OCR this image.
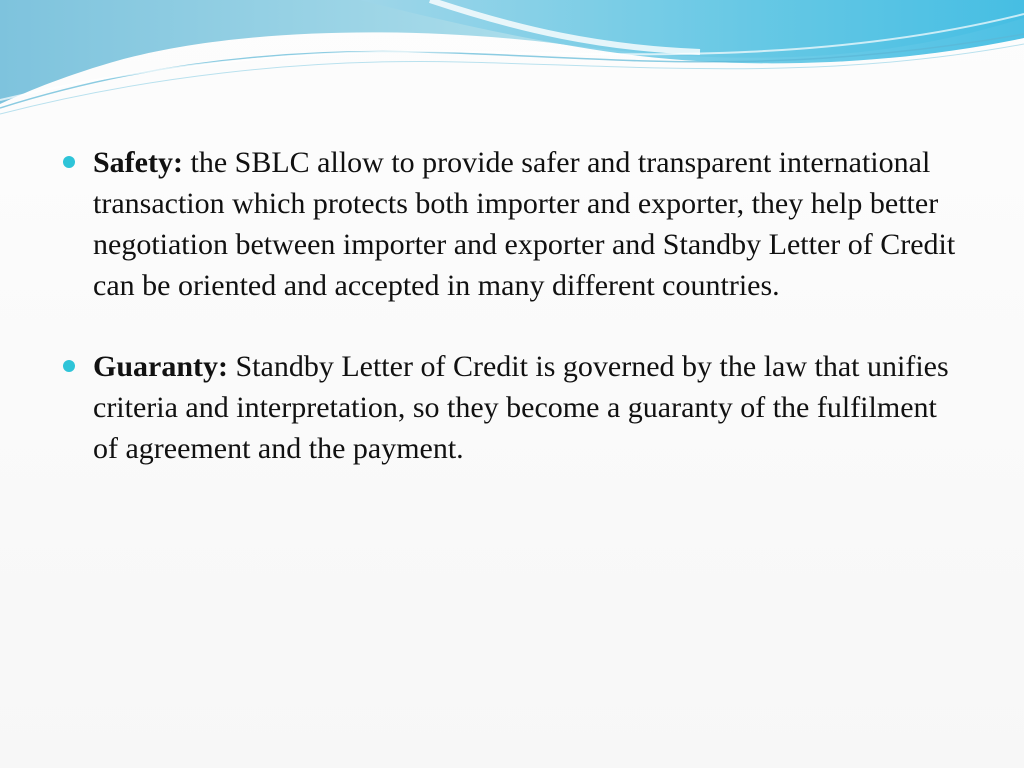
Safety: the SBLC allow to provide safer and transparent international transaction which protects both importer and exporter, they help better negotiation between importer and exporter and Standby Letter of Credit can be oriented and accepted in many different countries.
Guaranty: Standby Letter of Credit is governed by the law that unifies criteria and interpretation, so they become a guaranty of the fulfilment of agreement and the payment.
